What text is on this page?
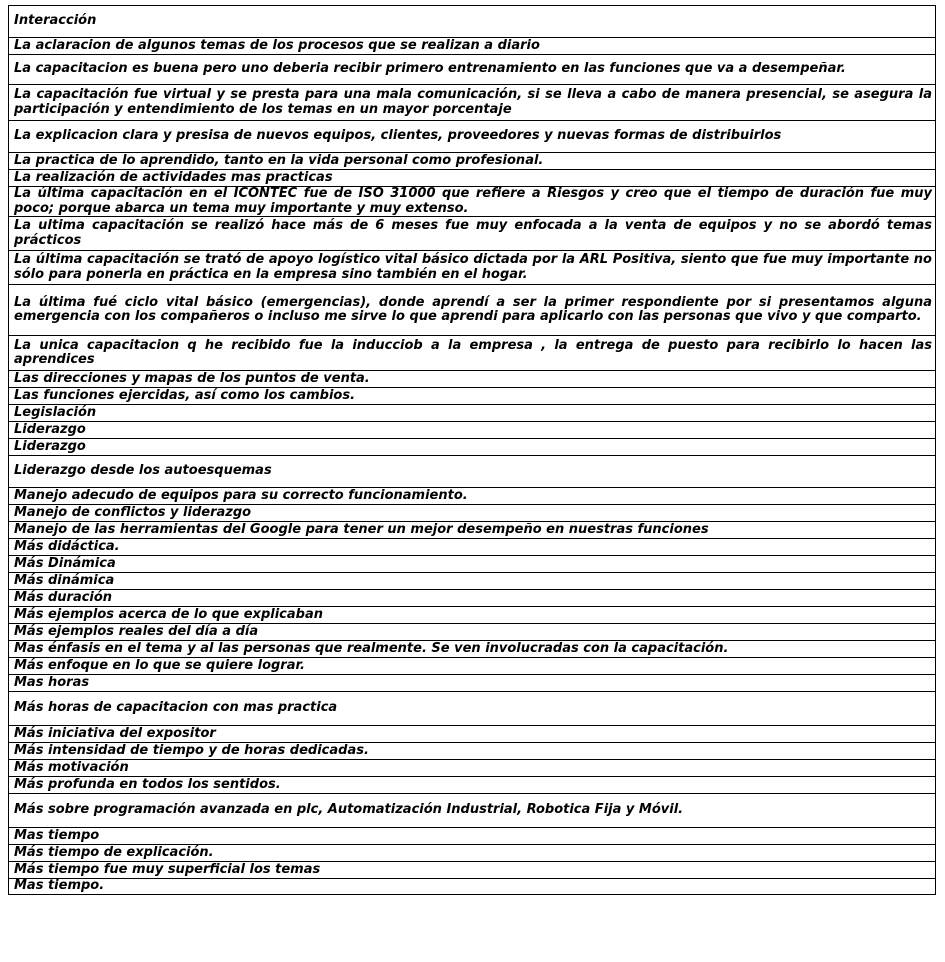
Interacción
La aclaracion de algunos temas de los procesos que se realizan a diario
La capacitacion es buena pero uno deberia recibir primero entrenamiento en las funciones que va a desempeñar.
La capacitación fue virtual y se presta para una mala comunicación, si se lleva a cabo de manera presencial, se asegura la participación y entendimiento de los temas en un mayor porcentaje
La explicacion clara y presisa de nuevos equipos, clientes, proveedores y nuevas formas de distribuirlos
La practica de lo aprendido, tanto en la vida personal como profesional.
La realización de actividades mas practicas
La última capacitación en el ICONTEC fue de ISO 31000 que refiere a Riesgos y creo que el tiempo de duración fue muy poco; porque abarca un tema muy importante y muy extenso.
La ultima capacitación se realizó hace más de 6 meses fue muy enfocada a la venta de equipos y no se abordó temas prácticos
La última capacitación se trató de apoyo logístico vital básico dictada por la ARL Positiva, siento que fue muy importante no sólo para ponerla en práctica en la empresa sino también en el hogar.
La última fué ciclo vital básico (emergencias), donde aprendí a ser la primer respondiente por si presentamos alguna emergencia con los compañeros o incluso me sirve lo que aprendi para aplicarlo con las personas que vivo y que comparto.
La unica capacitacion q he recibido fue la inducciob a la empresa , la entrega de puesto para recibirlo lo hacen las aprendices
Las direcciones y mapas de los puntos de venta.
Las funciones ejercidas, así como los cambios.
Legislación
Liderazgo
Liderazgo
Liderazgo desde los autoesquemas
Manejo adecudo de equipos para su correcto funcionamiento.
Manejo de conflictos y liderazgo
Manejo de las herramientas del Google para tener un mejor desempeño en nuestras funciones
Más didáctica.
Más Dinámica
Más dinámica
Más duración
Más ejemplos acerca de lo que explicaban
Más ejemplos reales del día a día
Mas énfasis en el tema y al las personas que realmente. Se ven involucradas con la capacitación.
Más enfoque en lo que se quiere lograr.
Mas horas
Más horas de capacitacion con mas practica
Más iniciativa del expositor
Más intensidad de tiempo y de horas dedicadas.
Más motivación
Más profunda en todos los sentidos.
Más sobre programación avanzada en plc, Automatización Industrial, Robotica Fija y Móvil.
Mas tiempo
Más tiempo de explicación.
Más tiempo fue muy superficial los temas
Mas tiempo.
